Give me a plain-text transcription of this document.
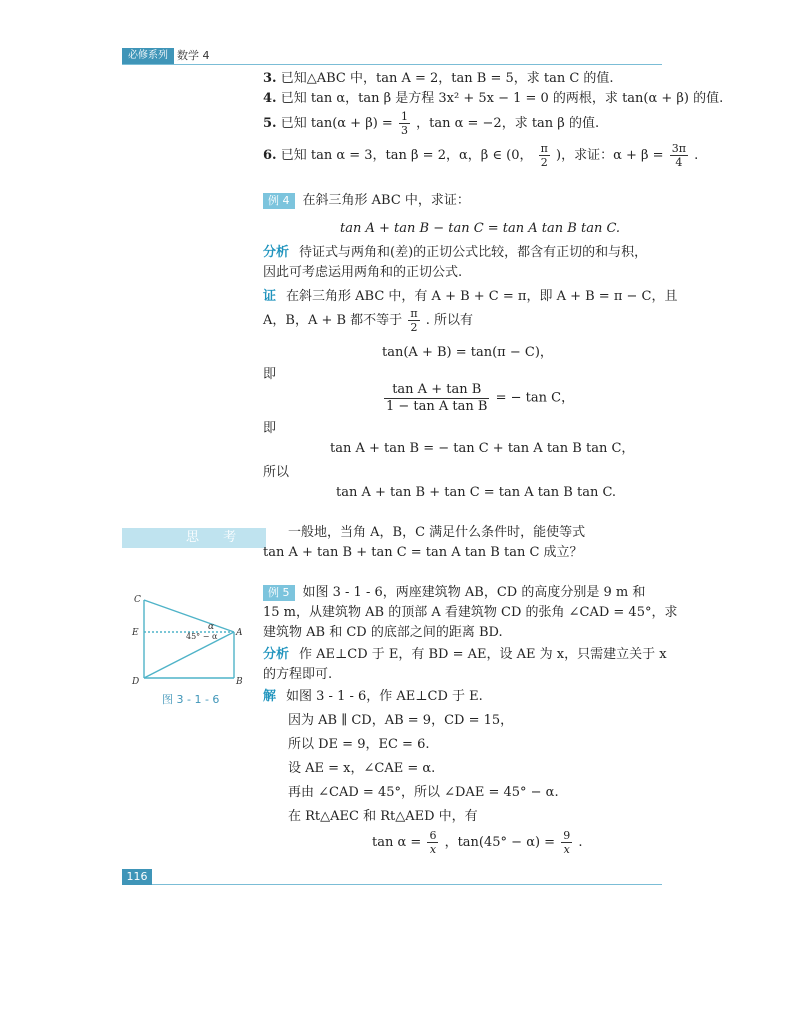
必修系列 数学 4
3. 已知△ABC 中，tan A = 2，tan B = 5，求 tan C 的值.
4. 已知 tan α，tan β 是方程 3x² + 5x − 1 = 0 的两根，求 tan(α + β) 的值.
5. 已知 $\tan(\alpha + \beta) = \frac{1}{3}$ ，tan α = −2，求 tan β 的值.
6. 已知 tan α = 3，tan β = 2，α，β ∈ (0， $\frac{\pi}{2}$ )，求证：$\alpha + \beta = \frac{3\pi}{4}$ .
例 4 在斜三角形 ABC 中，求证：
tan A + tan B − tan C = tan A tan B tan C.
分析 待证式与两角和(差)的正切公式比较，都含有正切的和与积，
因此可考虑运用两角和的正切公式.
证 在斜三角形 ABC 中，有 A + B + C = π，即 A + B = π − C，且
A，B，A + B 都不等于 $\frac{\pi}{2}$ . 所以有
tan(A + B) = tan(π − C)，
即
$\frac{\text{tan A + tan B}}{\text{1 − tan A tan B}}$ = − tan C，
即
tan A + tan B = − tan C + tan A tan B tan C，
所以
tan A + tan B + tan C = tan A tan B tan C.
思 考	一般地，当角 A，B，C 满足什么条件时，能使等式
tan A + tan B + tan C = tan A tan B tan C 成立？
C
E	A
D	B
α
45° − α
图 3 - 1 - 6
例 5 如图 3 - 1 - 6，两座建筑物 AB，CD 的高度分别是 9 m 和
15 m，从建筑物 AB 的顶部 A 看建筑物 CD 的张角 ∠CAD = 45°，求
建筑物 AB 和 CD 的底部之间的距离 BD.
分析 作 AE⊥CD 于 E，有 BD = AE，设 AE 为 x，只需建立关于 x
的方程即可.
解 如图 3 - 1 - 6，作 AE⊥CD 于 E.
因为 AB ∥ CD，AB = 9，CD = 15，
所以 DE = 9，EC = 6.
设 AE = x，∠CAE = α.
再由 ∠CAD = 45°，所以 ∠DAE = 45° − α.
在 Rt△AEC 和 Rt△AED 中，有
$\tan \alpha = \frac{6}{x}$ ，$\tan(45^\circ - \alpha) = \frac{9}{x}$ .
116
